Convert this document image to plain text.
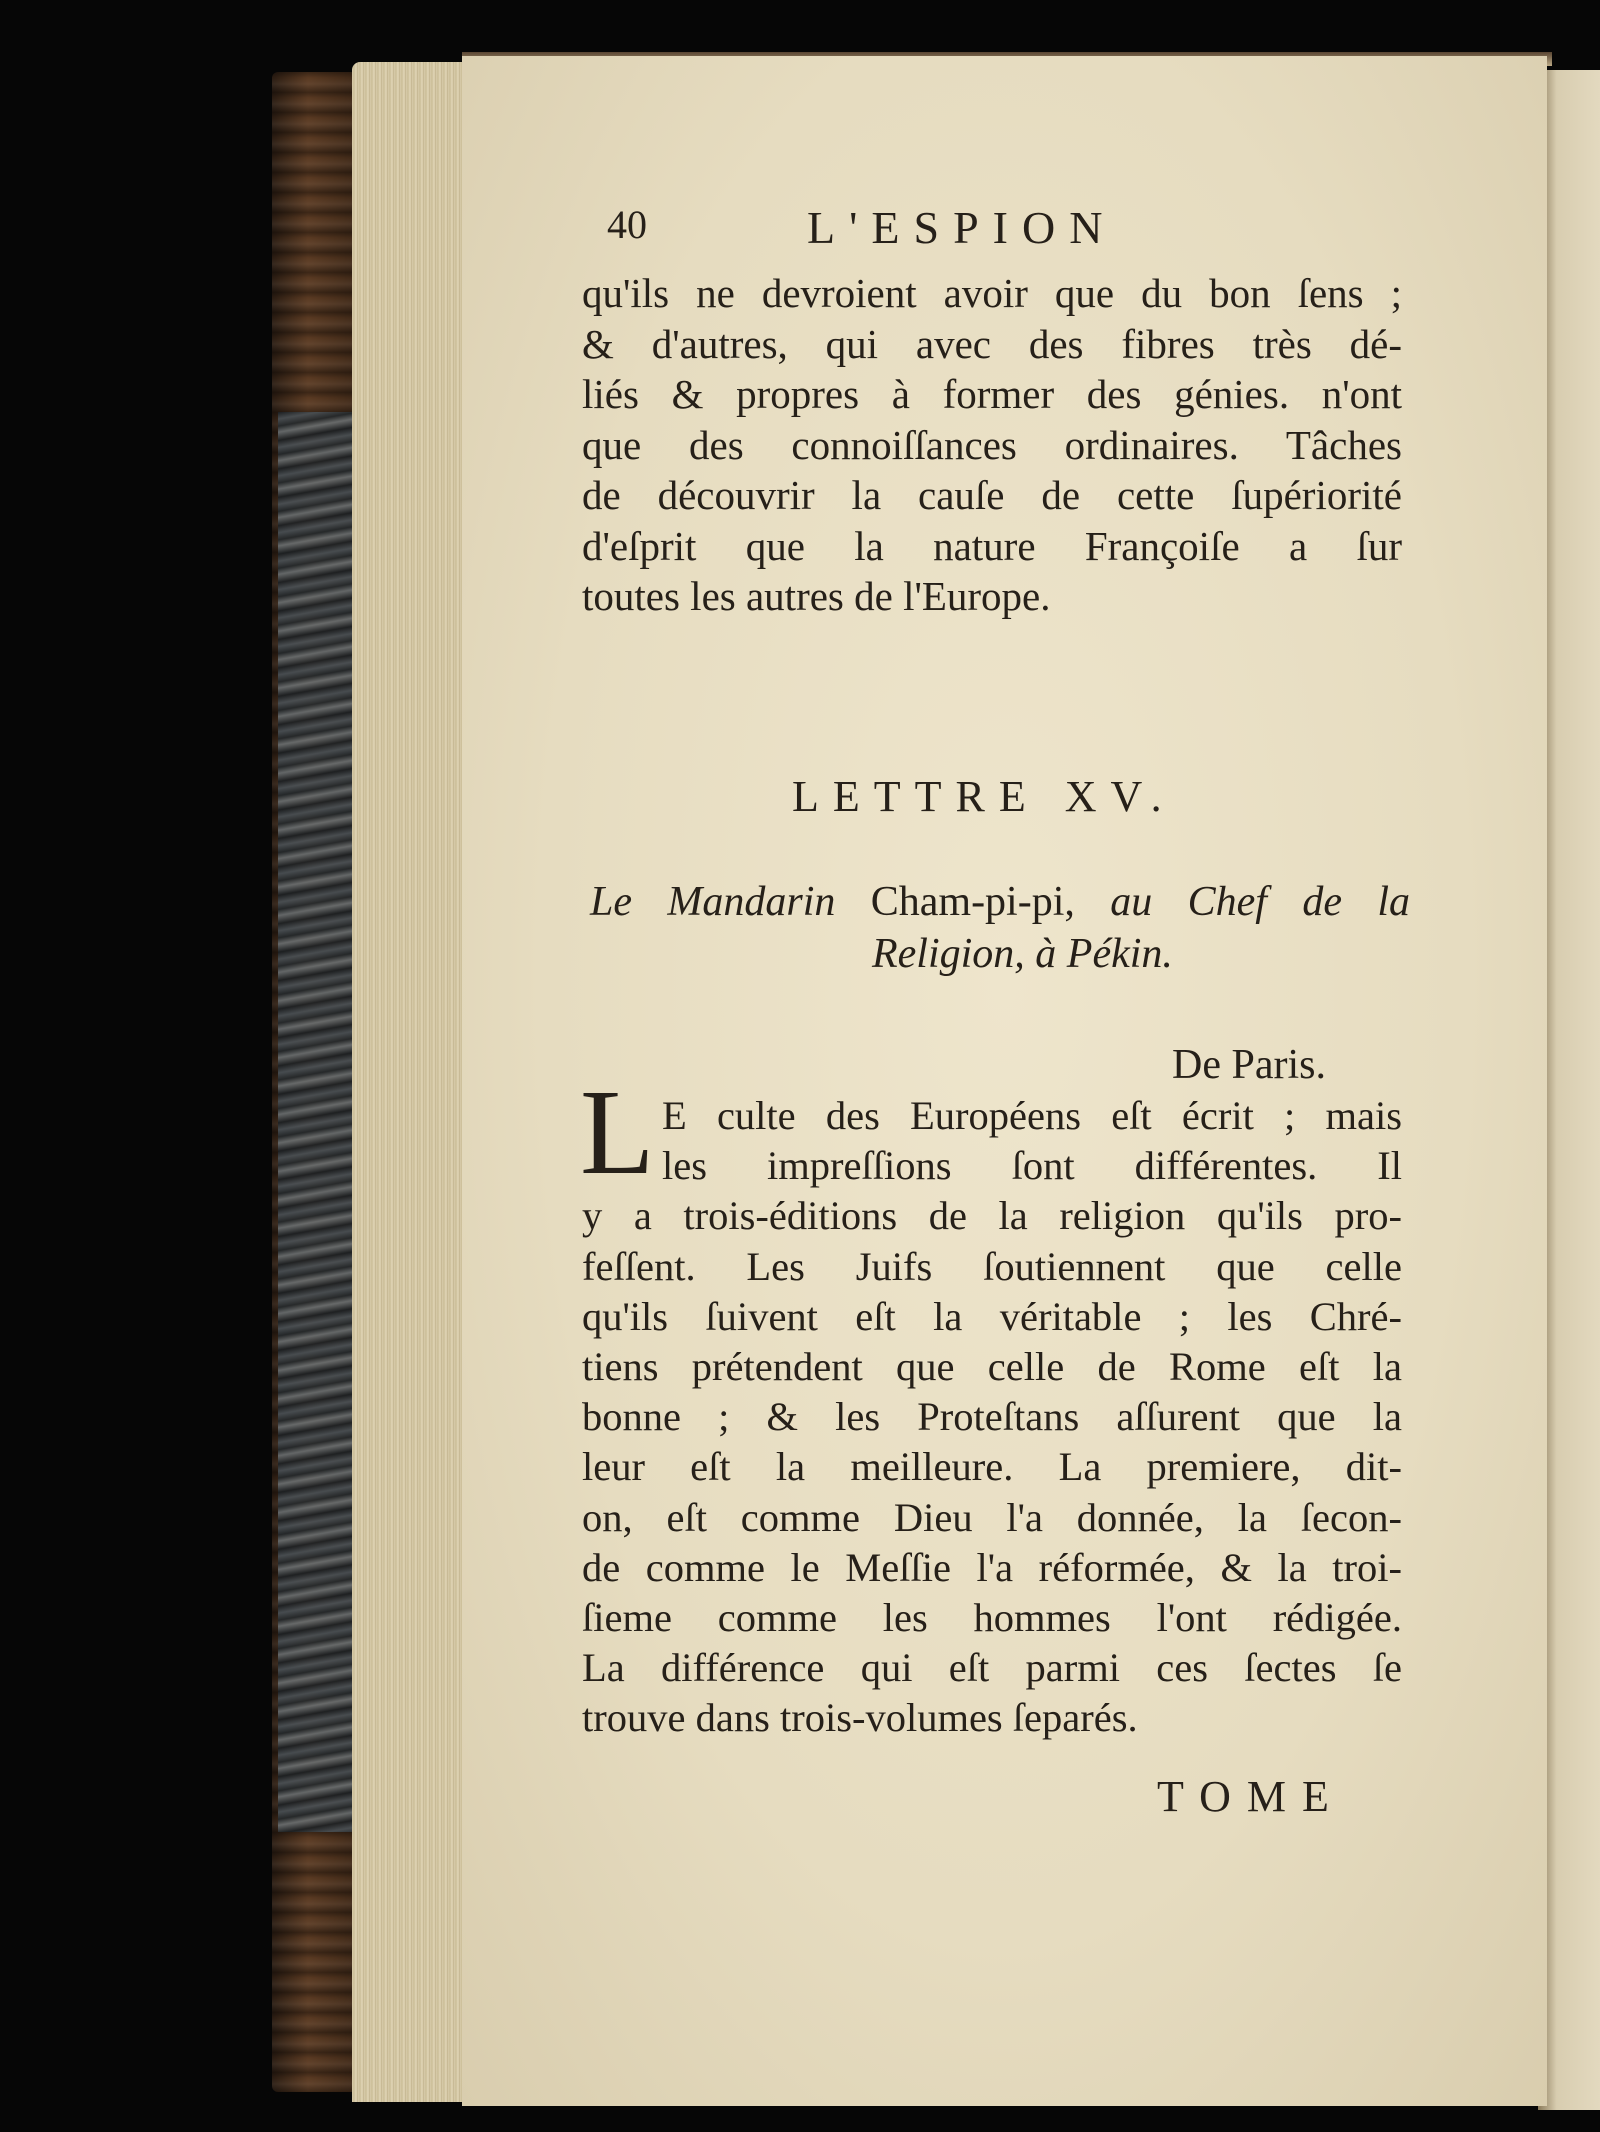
40	L'ESPION
qu'ils ne devroient avoir que du bon ſens ;
& d'autres, qui avec des fibres très dé-
liés & propres à former des génies. n'ont
que des connoiſſances ordinaires. Tâches
de découvrir la cauſe de cette ſupériorité
d'eſprit que la nature Françoiſe a ſur
toutes les autres de l'Europe.
LETTRE XV.
Le Mandarin Cham-pi-pi, au Chef de la
Religion, à Pékin.
De Paris.
L E culte des Européens eſt écrit ; mais
les impreſſions ſont différentes. Il
y a trois-éditions de la religion qu'ils pro-
feſſent. Les Juifs ſoutiennent que celle
qu'ils ſuivent eſt la véritable ; les Chré-
tiens prétendent que celle de Rome eſt la
bonne ; & les Proteſtans aſſurent que la
leur eſt la meilleure. La premiere, dit-
on, eſt comme Dieu l'a donnée, la ſecon-
de comme le Meſſie l'a réformée, & la troi-
ſieme comme les hommes l'ont rédigée.
La différence qui eſt parmi ces ſectes ſe
trouve dans trois-volumes ſeparés.
TOME
